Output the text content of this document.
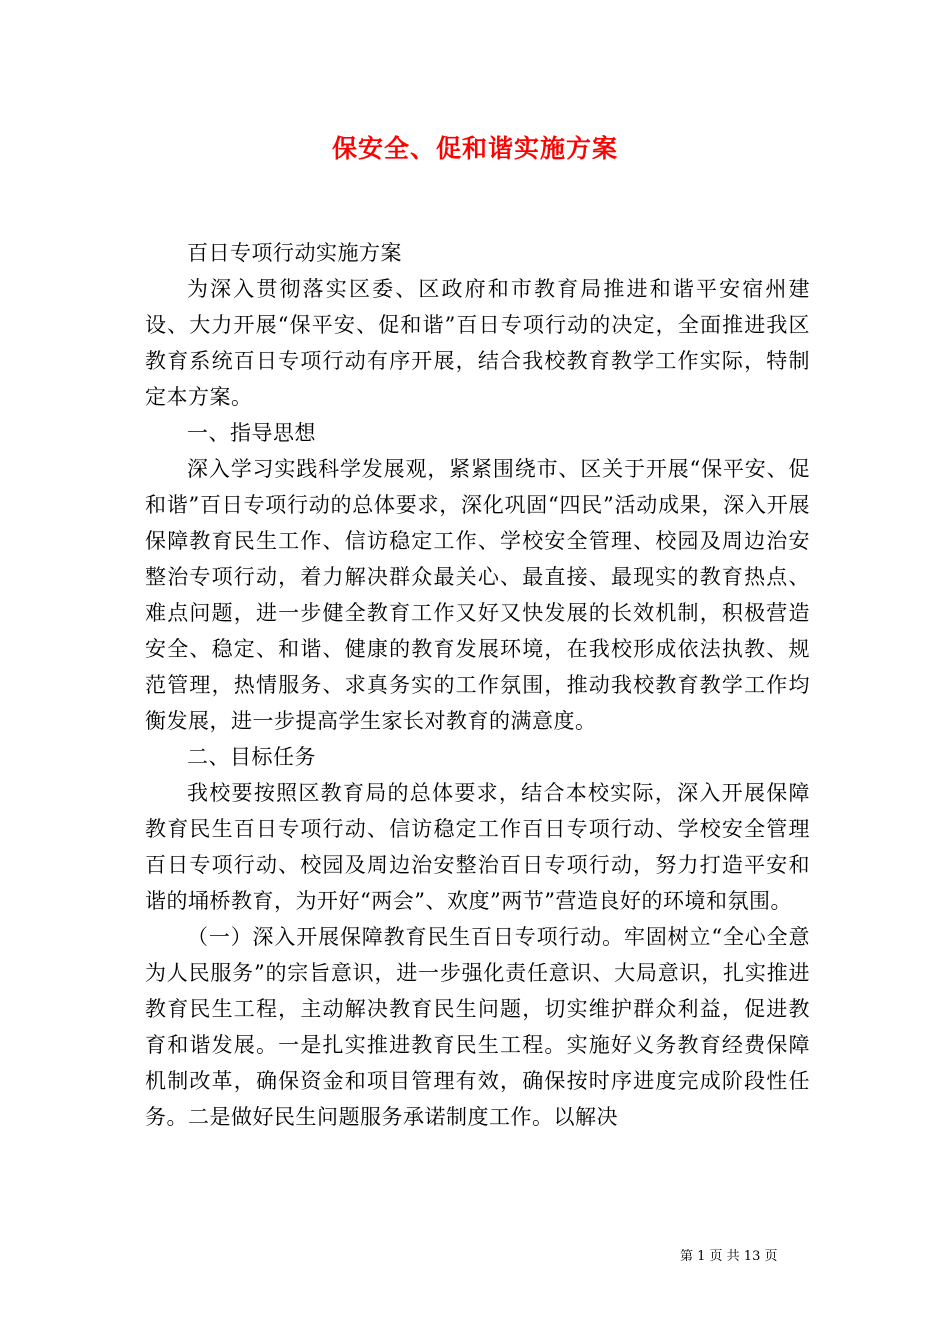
保安全、促和谐实施方案

百日专项行动实施方案

为深入贯彻落实区委、区政府和市教育局推进和谐平安宿州建设、大力开展“保平安、促和谐”百日专项行动的决定，全面推进我区教育系统百日专项行动有序开展，结合我校教育教学工作实际，特制定本方案。

一、指导思想

深入学习实践科学发展观，紧紧围绕市、区关于开展“保平安、促和谐”百日专项行动的总体要求，深化巩固“四民”活动成果，深入开展保障教育民生工作、信访稳定工作、学校安全管理、校园及周边治安整治专项行动，着力解决群众最关心、最直接、最现实的教育热点、难点问题，进一步健全教育工作又好又快发展的长效机制，积极营造安全、稳定、和谐、健康的教育发展环境，在我校形成依法执教、规范管理，热情服务、求真务实的工作氛围，推动我校教育教学工作均衡发展，进一步提高学生家长对教育的满意度。

二、目标任务

我校要按照区教育局的总体要求，结合本校实际，深入开展保障教育民生百日专项行动、信访稳定工作百日专项行动、学校安全管理百日专项行动、校园及周边治安整治百日专项行动，努力打造平安和谐的埇桥教育，为开好“两会”、欢度”两节”营造良好的环境和氛围。

（一）深入开展保障教育民生百日专项行动。牢固树立“全心全意为人民服务”的宗旨意识，进一步强化责任意识、大局意识，扎实推进教育民生工程，主动解决教育民生问题，切实维护群众利益，促进教育和谐发展。一是扎实推进教育民生工程。实施好义务教育经费保障机制改革，确保资金和项目管理有效，确保按时序进度完成阶段性任务。二是做好民生问题服务承诺制度工作。以解决

第 1 页 共 13 页
